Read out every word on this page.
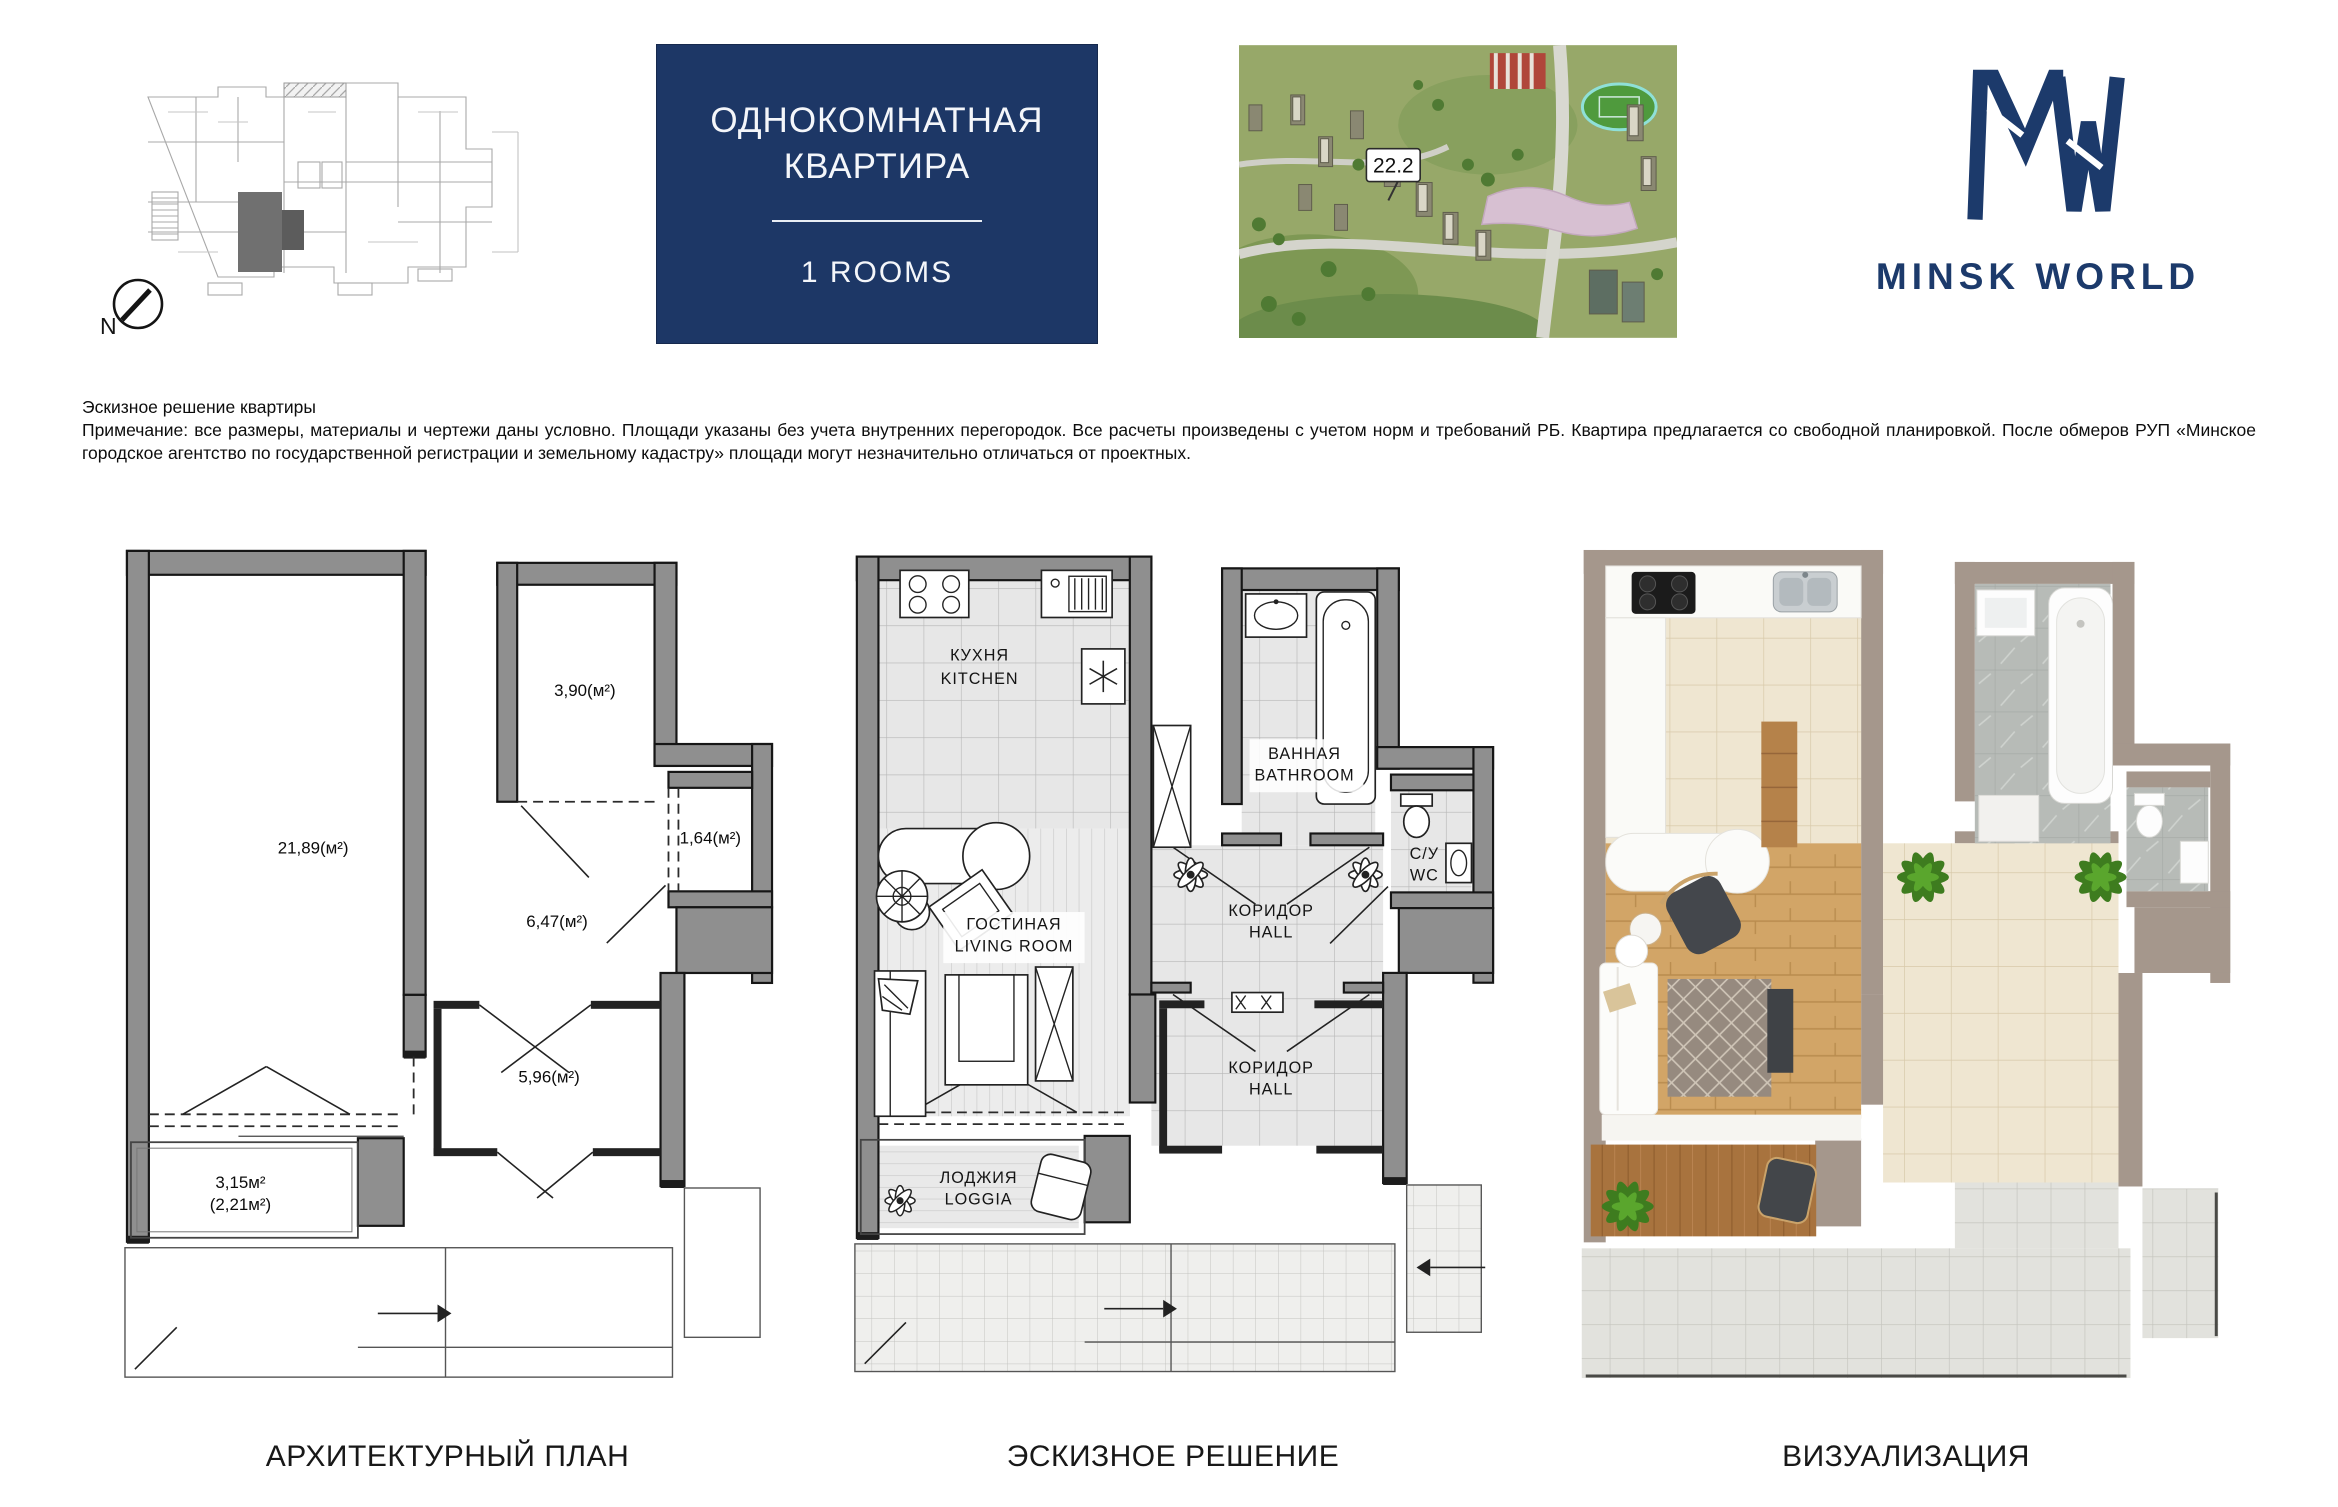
N
ОДНОКОМНАТНАЯ
КВАРТИРА
1 ROOMS
22.2
MINSK WORLD

Эскизное решение квартиры

Примечание: все размеры, материалы и чертежи даны условно. Площади указаны без учета внутренних перегородок. Все расчеты произведены с учетом норм и требований РБ. Квартира предлагается со свободной планировкой. После обмеров РУП «Минское городское агентство по государственной регистрации и земельному кадастру» площади могут незначительно отличаться от проектных.

21,89(м²)
3,90(м²)
1,64(м²)
6,47(м²)
5,96(м²)
3,15м²
(2,21м²)
КУХНЯ
KITCHEN
ВАННАЯ
BATHROOM
С/У
WC
КОРИДОР
HALL
КОРИДОР
HALL
ГОСТИНАЯ
LIVING ROOM
ЛОДЖИЯ
LOGGIA
АРХИТЕКТУРНЫЙ ПЛАН	ЭСКИЗНОЕ РЕШЕНИЕ	ВИЗУАЛИЗАЦИЯ
